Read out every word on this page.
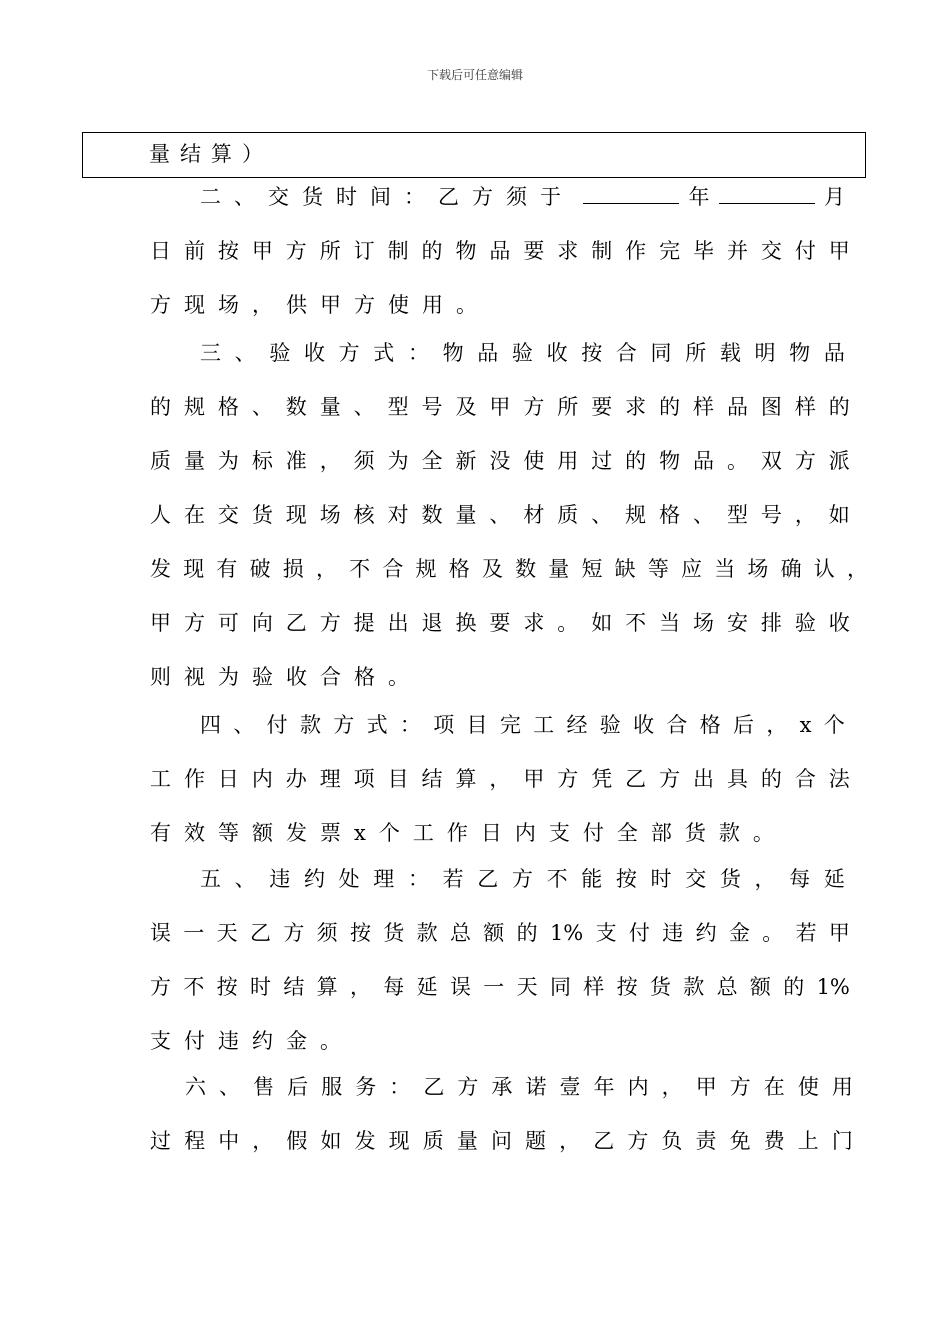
下载后可任意编辑
量结算）
二、交货时间：乙方须于	年	月
日 前 按 甲 方 所 订 制 的 物 品 要 求 制 作 完 毕 并 交 付 甲
方 现 场 ， 供 甲 方 使 用 。
三 、 验 收 方 式 ： 物 品 验 收 按 合 同 所 载 明 物 品
的 规 格 、 数 量 、 型 号 及 甲 方 所 要 求 的 样 品 图 样 的
质 量 为 标 准 ， 须 为 全 新 没 使 用 过 的 物 品 。 双 方 派
人 在 交 货 现 场 核 对 数 量 、 材 质 、 规 格 、 型 号 ， 如
发 现 有 破 损 ， 不 合 规 格 及 数 量 短 缺 等 应 当 场 确 认 ，
甲 方 可 向 乙 方 提 出 退 换 要 求 。 如 不 当 场 安 排 验 收
则 视 为 验 收 合 格 。
四 、 付 款 方 式 ： 项 目 完 工 经 验 收 合 格 后 ， x 个
工 作 日 内 办 理 项 目 结 算 ， 甲 方 凭 乙 方 出 具 的 合 法
有 效 等 额 发 票 x 个 工 作 日 内 支 付 全 部 货 款 。
五 、 违 约 处 理 ： 若 乙 方 不 能 按 时 交 货 ， 每 延
误 一 天 乙 方 须 按 货 款 总 额 的 1% 支 付 违 约 金 。 若 甲
方 不 按 时 结 算 ， 每 延 误 一 天 同 样 按 货 款 总 额 的 1%
支 付 违 约 金 。
六 、 售 后 服 务 ： 乙 方 承 诺 壹 年 内 ， 甲 方 在 使 用
过 程 中 ， 假 如 发 现 质 量 问 题 ， 乙 方 负 责 免 费 上 门
